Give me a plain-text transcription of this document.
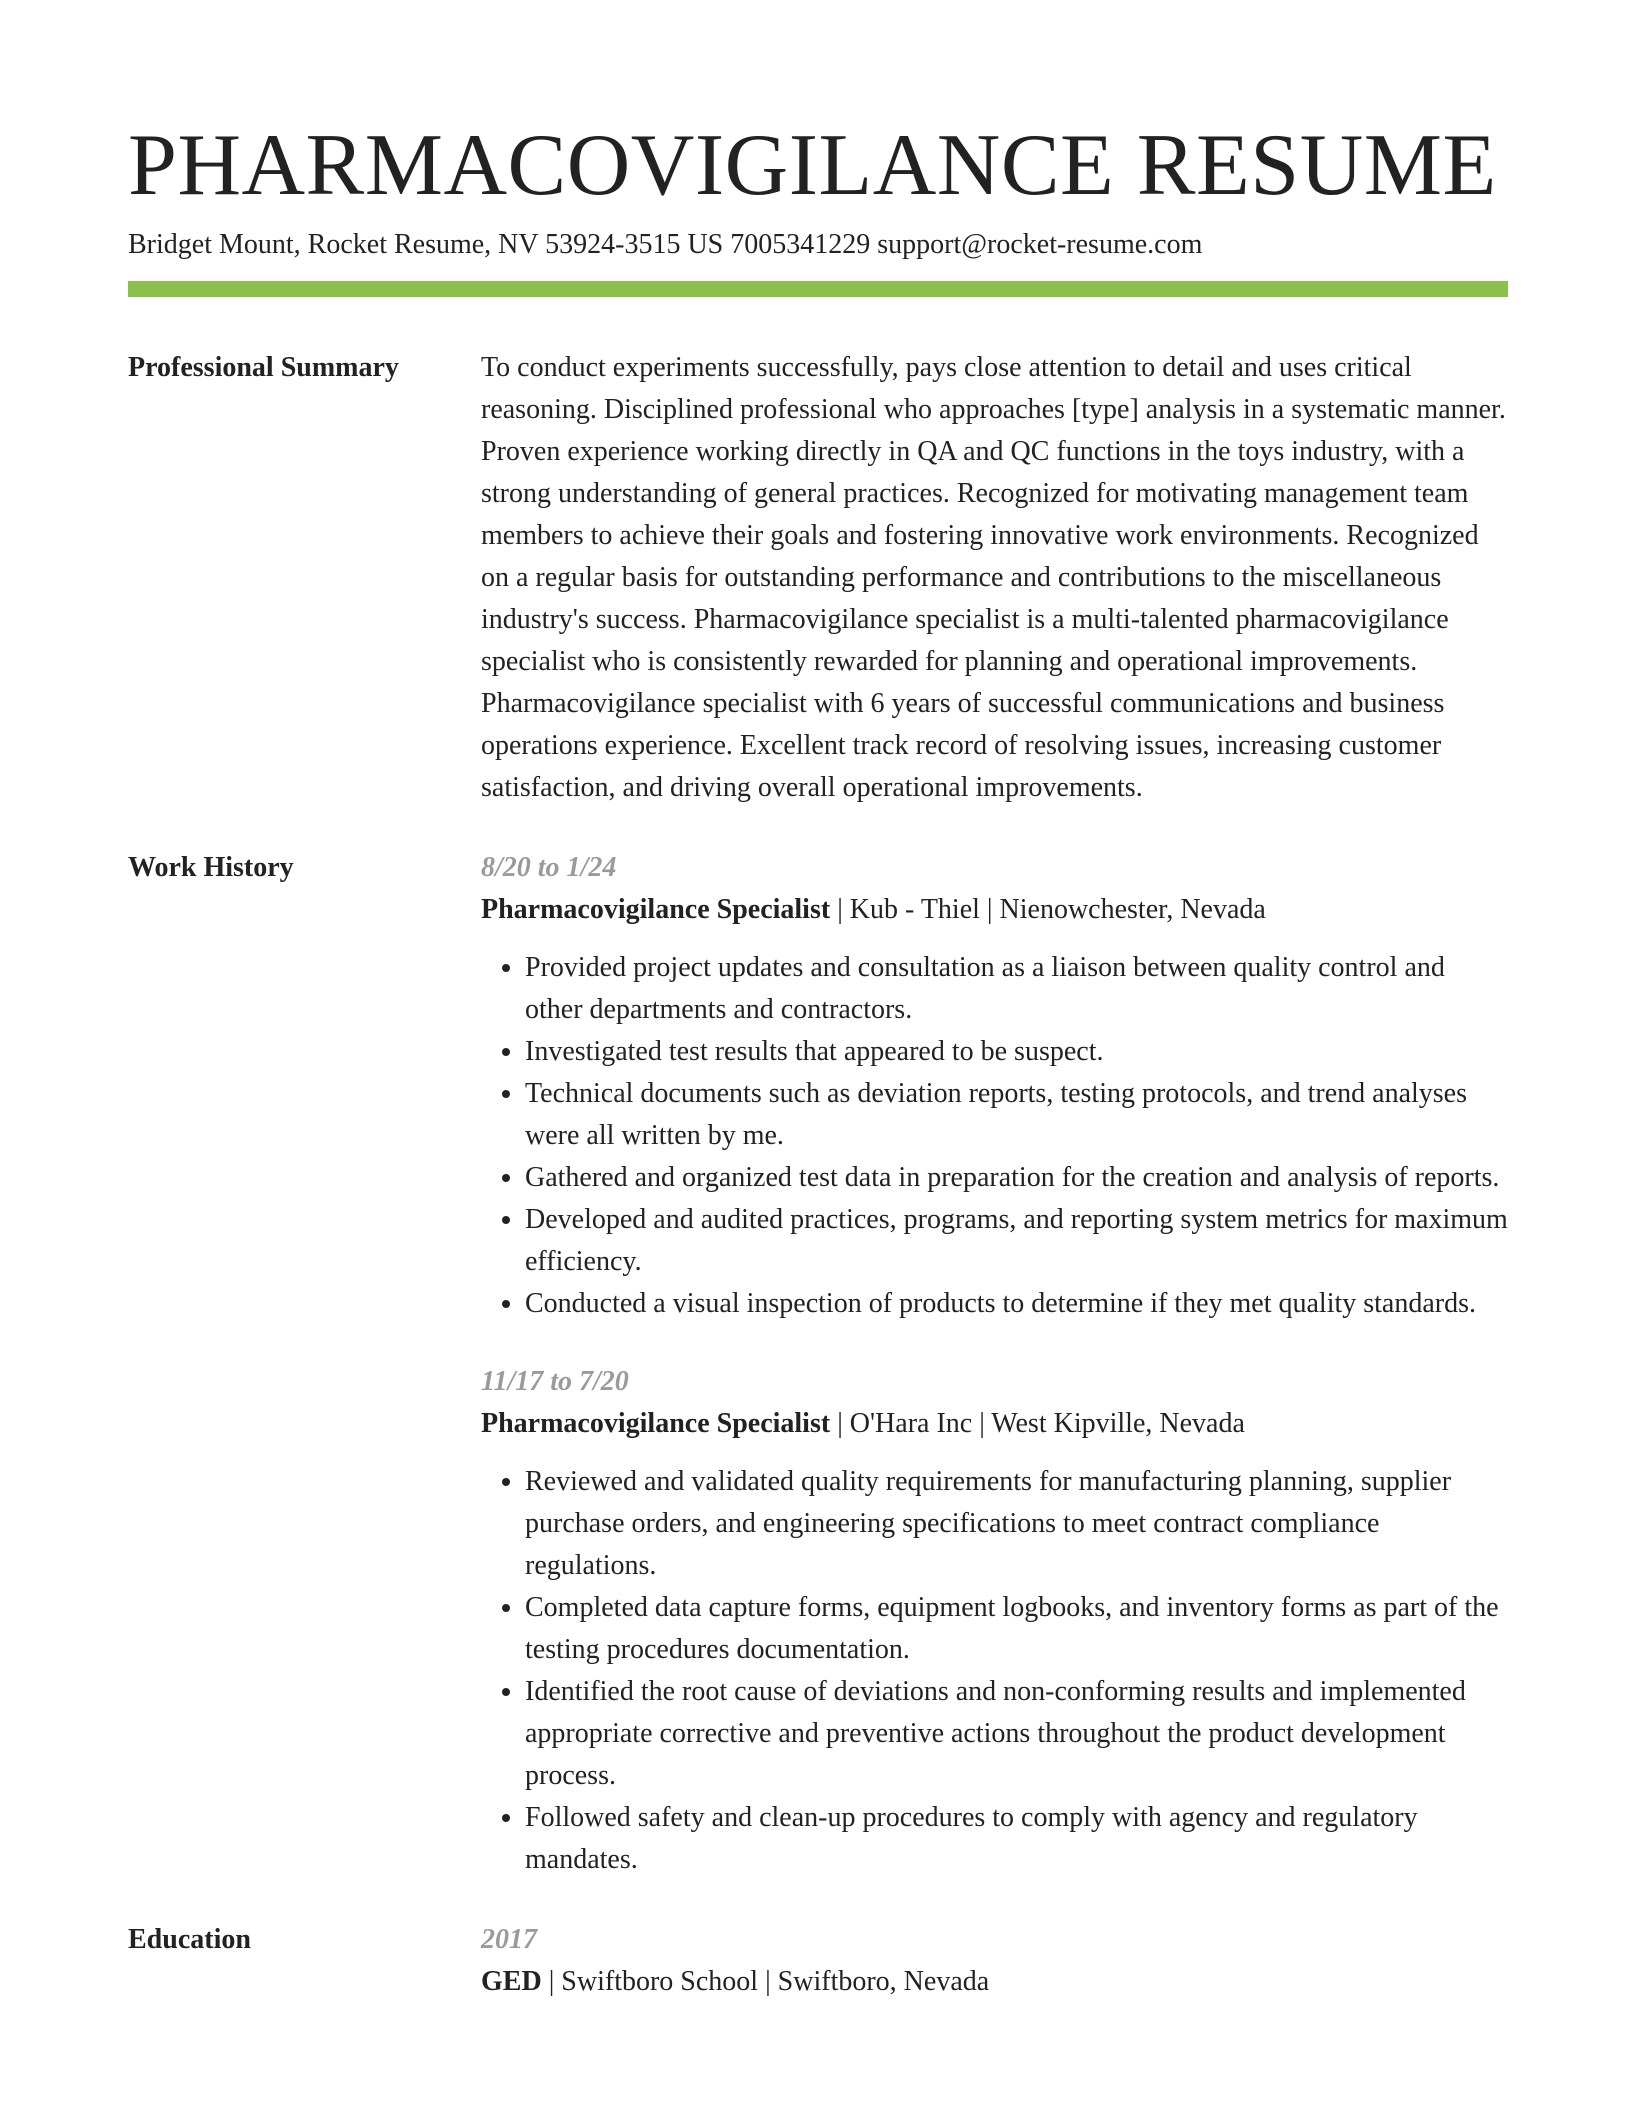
PHARMACOVIGILANCE RESUME
Bridget Mount, Rocket Resume, NV 53924-3515 US 7005341229 support@rocket-resume.com
Professional Summary	To conduct experiments successfully, pays close attention to detail and uses critical reasoning. Disciplined professional who approaches [type] analysis in a systematic manner. Proven experience working directly in QA and QC functions in the toys industry, with a strong understanding of general practices. Recognized for motivating management team members to achieve their goals and fostering innovative work environments. Recognized on a regular basis for outstanding performance and contributions to the miscellaneous industry's success. Pharmacovigilance specialist is a multi-talented pharmacovigilance specialist who is consistently rewarded for planning and operational improvements. Pharmacovigilance specialist with 6 years of successful communications and business operations experience. Excellent track record of resolving issues, increasing customer satisfaction, and driving overall operational improvements.
Work History	8/20 to 1/24
Pharmacovigilance Specialist | Kub - Thiel | Nienowchester, Nevada
• Provided project updates and consultation as a liaison between quality control and other departments and contractors.
• Investigated test results that appeared to be suspect.
• Technical documents such as deviation reports, testing protocols, and trend analyses were all written by me.
• Gathered and organized test data in preparation for the creation and analysis of reports.
• Developed and audited practices, programs, and reporting system metrics for maximum efficiency.
• Conducted a visual inspection of products to determine if they met quality standards.
11/17 to 7/20
Pharmacovigilance Specialist | O'Hara Inc | West Kipville, Nevada
• Reviewed and validated quality requirements for manufacturing planning, supplier purchase orders, and engineering specifications to meet contract compliance regulations.
• Completed data capture forms, equipment logbooks, and inventory forms as part of the testing procedures documentation.
• Identified the root cause of deviations and non-conforming results and implemented appropriate corrective and preventive actions throughout the product development process.
• Followed safety and clean-up procedures to comply with agency and regulatory mandates.
Education	2017
GED | Swiftboro School | Swiftboro, Nevada
